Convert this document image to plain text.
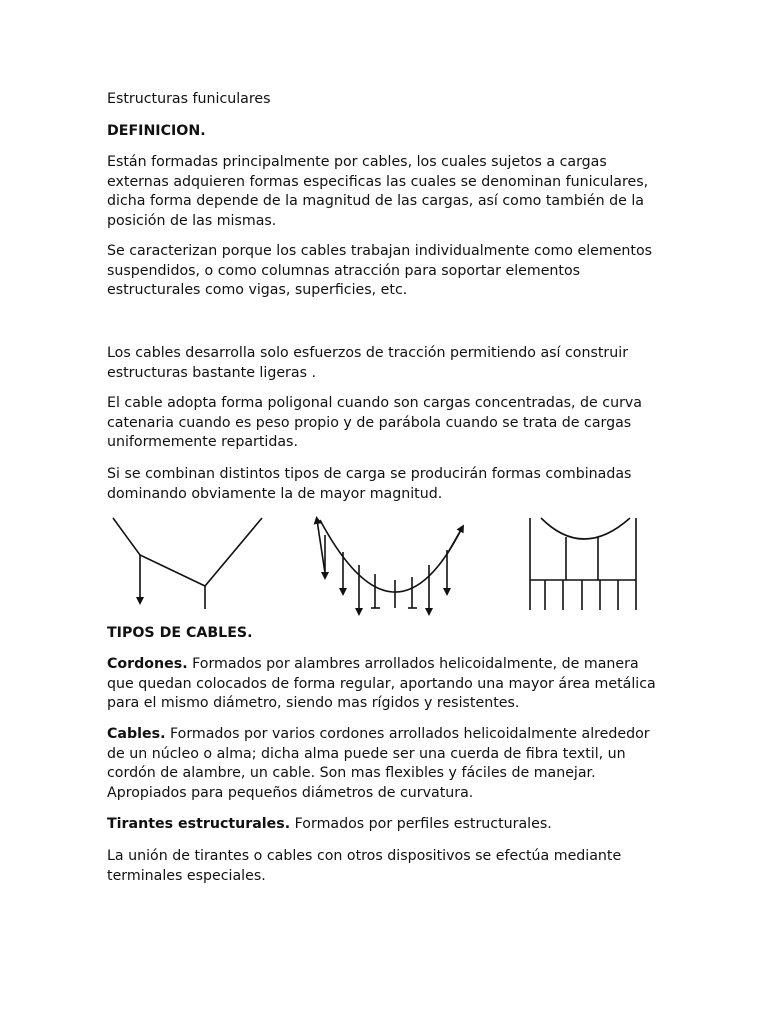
Estructuras funiculares

DEFINICION.

Están formadas principalmente por cables, los cuales sujetos a cargas externas adquieren formas especificas las cuales se denominan funiculares, dicha forma depende de la magnitud de las cargas, así como también de la posición de las mismas.

Se caracterizan porque los cables trabajan individualmente como elementos suspendidos, o como columnas atracción para soportar elementos estructurales como vigas, superficies, etc.

Los cables desarrolla solo esfuerzos de tracción permitiendo así construir estructuras bastante ligeras .

El cable adopta forma poligonal cuando son cargas concentradas, de curva catenaria cuando es peso propio y de parábola cuando se trata de cargas uniformemente repartidas.

Si se combinan distintos tipos de carga se producirán formas combinadas dominando obviamente la de mayor magnitud.

TIPOS DE CABLES.

Cordones. Formados por alambres arrollados helicoidalmente, de manera que quedan colocados de forma regular, aportando una mayor área metálica para el mismo diámetro, siendo mas rígidos y resistentes.

Cables. Formados por varios cordones arrollados helicoidalmente alrededor de un núcleo o alma; dicha alma puede ser una cuerda de fibra textil, un cordón de alambre, un cable. Son mas flexibles y fáciles de manejar. Apropiados para pequeños diámetros de curvatura.

Tirantes estructurales. Formados por perfiles estructurales.

La unión de tirantes o cables con otros dispositivos se efectúa mediante terminales especiales.
